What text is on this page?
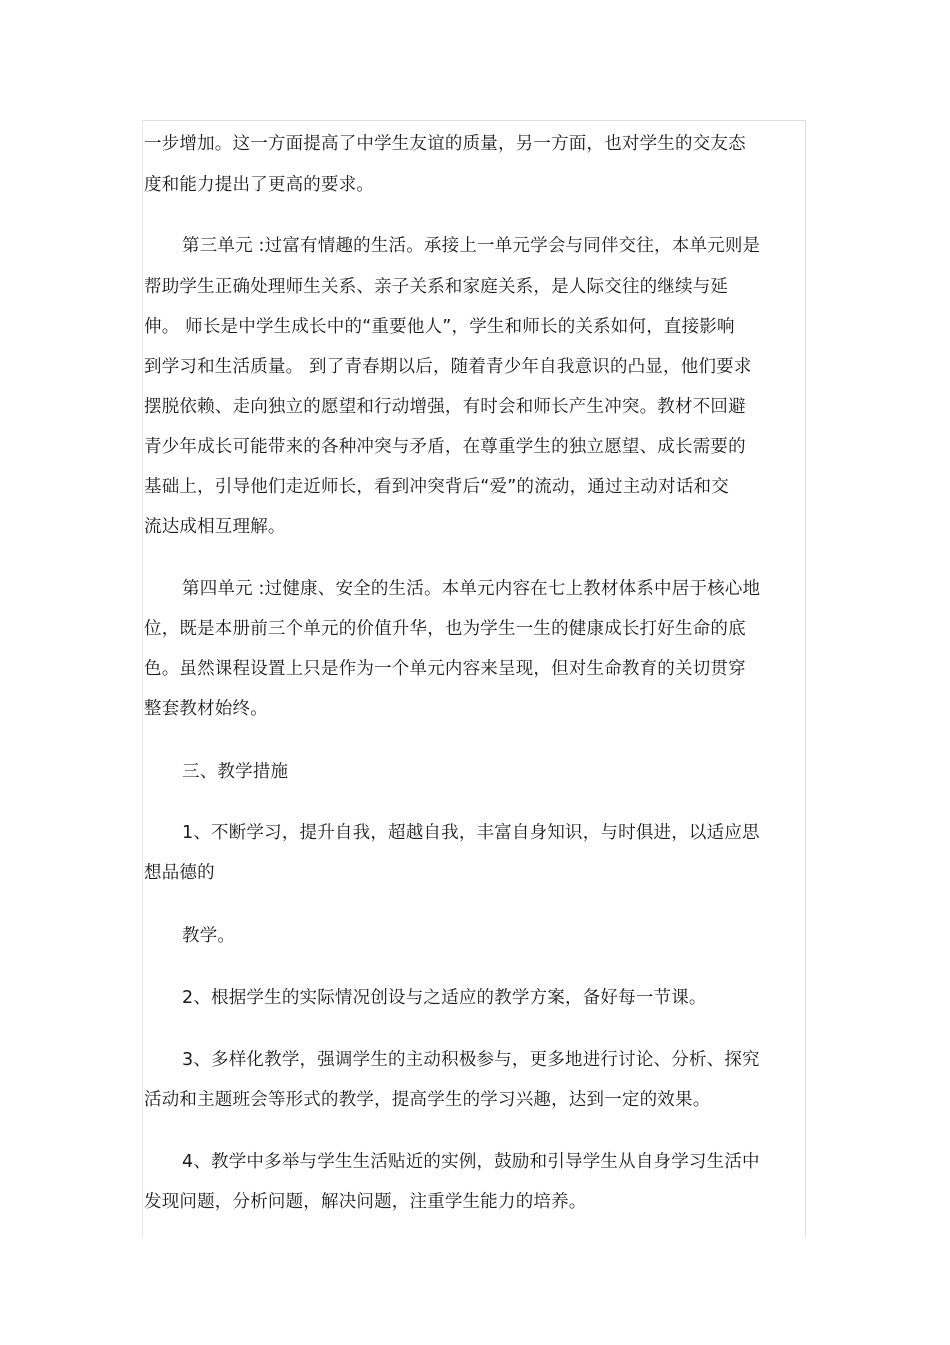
一步增加。这一方面提高了中学生友谊的质量，另一方面，也对学生的交友态
度和能力提出了更高的要求。
第三单元 :过富有情趣的生活。承接上一单元学会与同伴交往，本单元则是
帮助学生正确处理师生关系、亲子关系和家庭关系，是人际交往的继续与延
伸。 师长是中学生成长中的“重要他人”，学生和师长的关系如何，直接影响
到学习和生活质量。 到了青春期以后，随着青少年自我意识的凸显，他们要求
摆脱依赖、走向独立的愿望和行动增强，有时会和师长产生冲突。教材不回避
青少年成长可能带来的各种冲突与矛盾，在尊重学生的独立愿望、成长需要的
基础上，引导他们走近师长，看到冲突背后“爱”的流动，通过主动对话和交
流达成相互理解。
第四单元 :过健康、安全的生活。本单元内容在七上教材体系中居于核心地
位，既是本册前三个单元的价值升华，也为学生一生的健康成长打好生命的底
色。虽然课程设置上只是作为一个单元内容来呈现，但对生命教育的关切贯穿
整套教材始终。
三、教学措施
1、不断学习，提升自我，超越自我，丰富自身知识，与时俱进，以适应思
想品德的
教学。
2、根据学生的实际情况创设与之适应的教学方案，备好每一节课。
3、多样化教学，强调学生的主动积极参与，更多地进行讨论、分析、探究
活动和主题班会等形式的教学，提高学生的学习兴趣，达到一定的效果。
4、教学中多举与学生生活贴近的实例，鼓励和引导学生从自身学习生活中
发现问题，分析问题，解决问题，注重学生能力的培养。
